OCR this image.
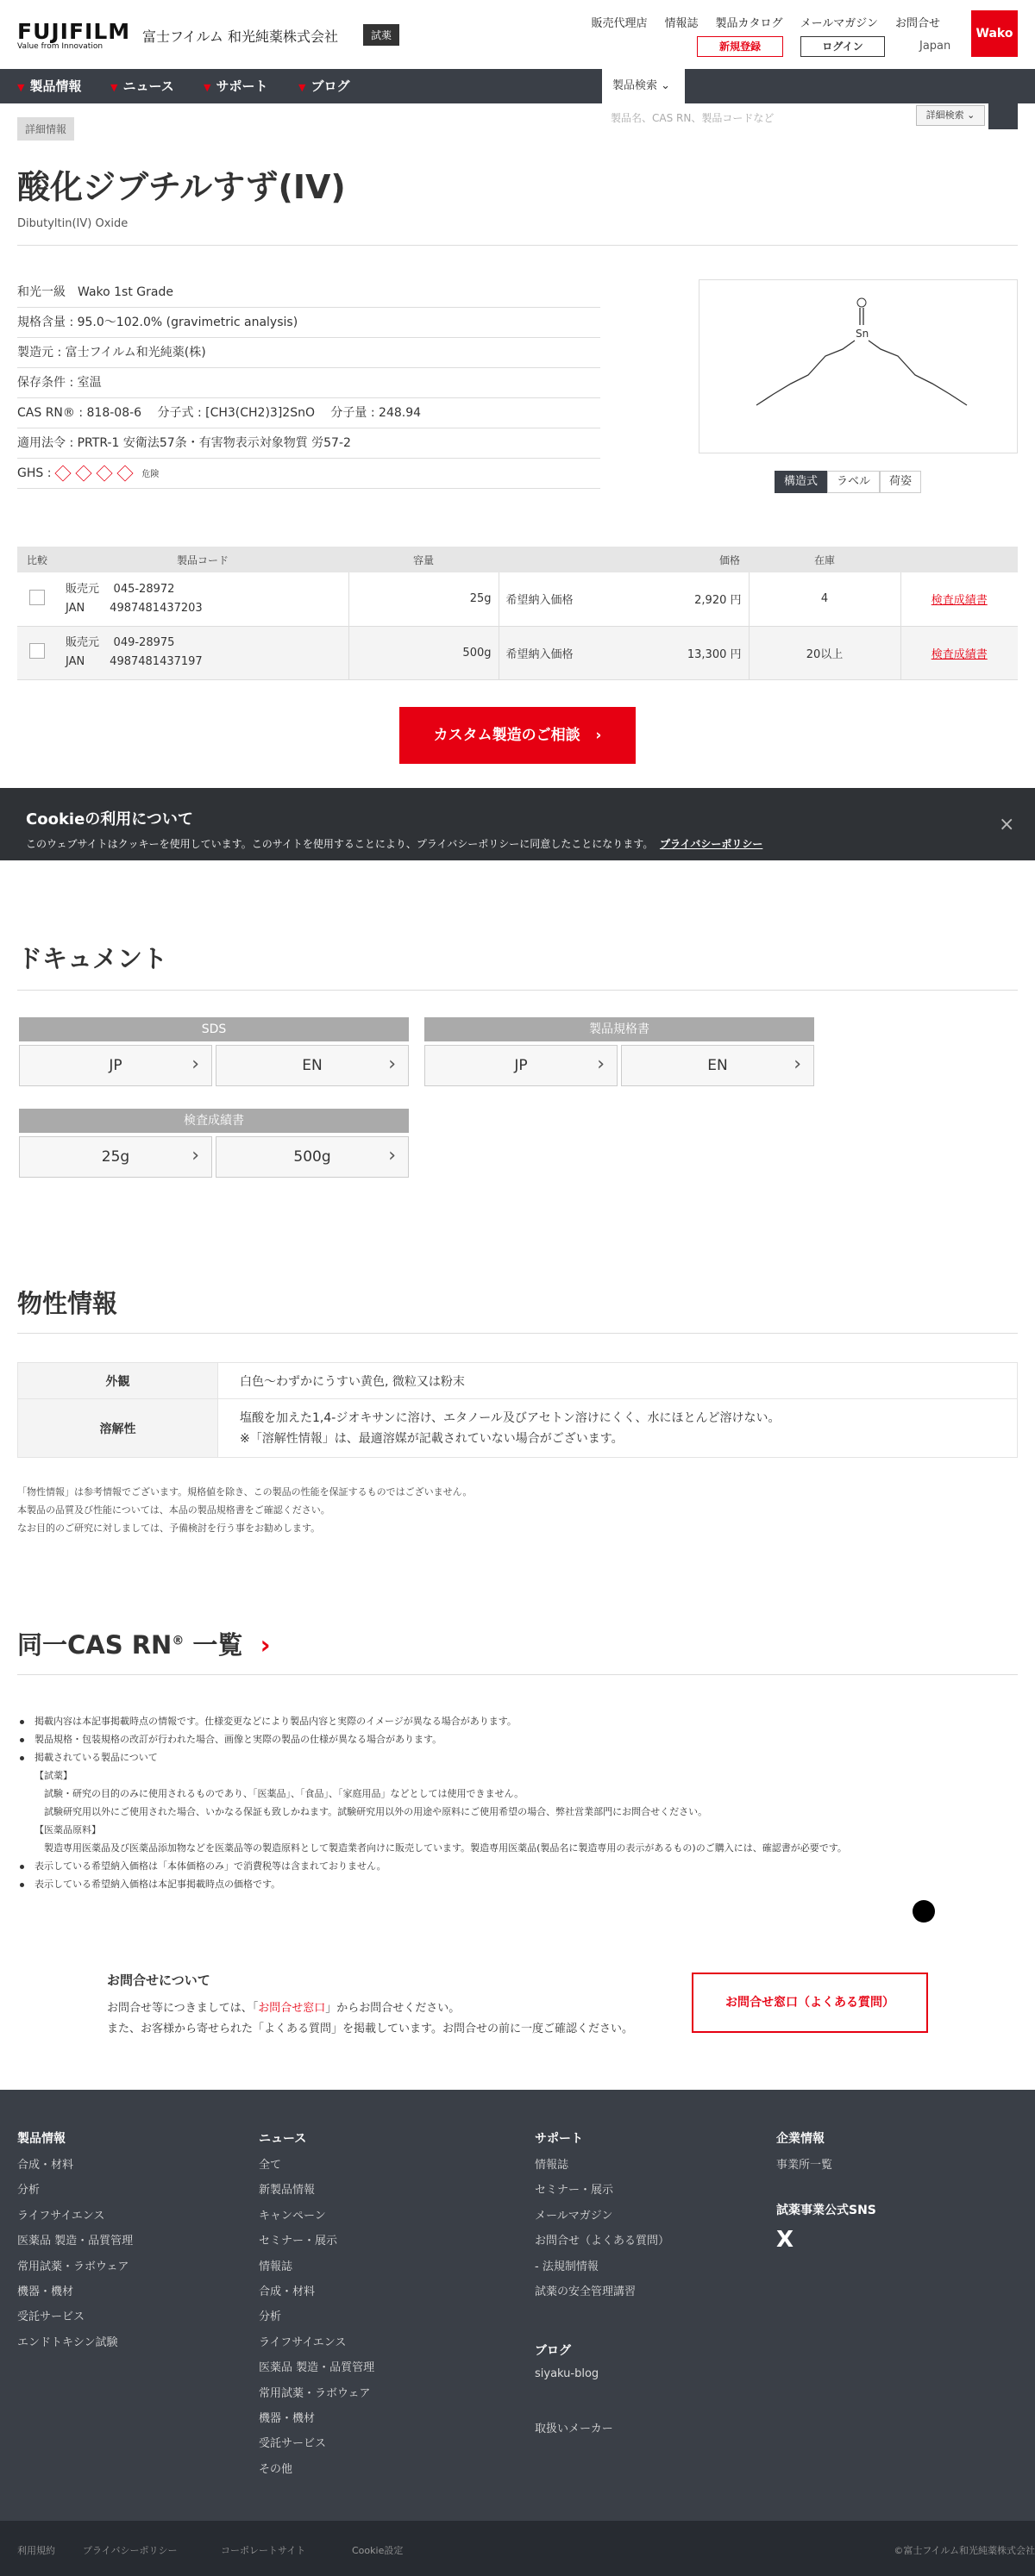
FUJIFILM
Value from Innovation
富士フイルム 和光純薬株式会社	試薬
販売代理店 情報誌 製品カタログ メールマガジン お問合せ
新規登録	ログイン	Japan
Wako
▼ 製品情報	▼ ニュース	▼ サポート	▼ ブログ	製品検索 ⌄
製品名、CAS RN、製品コードなど	詳細検索 ⌄
詳細情報
酸化ジブチルすず(IV)
Dibutyltin(IV) Oxide
和光一級　Wako 1st Grade
規格含量 : 95.0〜102.0% (gravimetric analysis)
製造元 : 富士フイルム和光純薬(株)
保存条件 : 室温
CAS RN® : 818-08-6　 分子式 : [CH3(CH2)3]2SnO　 分子量 : 248.94
適用法令 : PRTR-1 安衛法57条・有害物表示対象物質 労57-2
GHS :	危険
Sn
構造式	ラベル	荷姿
比較	製品コード	容量	価格	在庫	
	販売元 045-28972
JAN 4987481437203	25g	希望納入価格 2,920 円	4	検査成績書
	販売元 049-28975
JAN 4987481437197	500g	希望納入価格 13,300 円	20以上	検査成績書
カスタム製造のご相談 ›
Cookieの利用について
このウェブサイトはクッキーを使用しています。このサイトを使用することにより、プライバシーポリシーに同意したことになります。 プライバシーポリシー
×
ドキュメント
SDS
JP ›	EN ›
製品規格書
JP ›	EN ›
検査成績書
25g ›	500g ›
物性情報
外観	白色〜わずかにうすい黄色, 微粒又は粉末
溶解性	塩酸を加えた1,4‐ジオキサンに溶け、エタノール及びアセトン溶けにくく、水にほとんど溶けない。
※「溶解性情報」は、最適溶媒が記載されていない場合がございます。
「物性情報」は参考情報でございます。規格値を除き、この製品の性能を保証するものではございません。
本製品の品質及び性能については、本品の製品規格書をご確認ください。
なお目的のご研究に対しましては、予備検討を行う事をお勧めします。
同一CAS RN® 一覧 ›

掲載内容は本記事掲載時点の情報です。仕様変更などにより製品内容と実際のイメージが異なる場合があります。

製品規格・包装規格の改訂が行われた場合、画像と実際の製品の仕様が異なる場合があります。

掲載されている製品について

【試薬】

　試験・研究の目的のみに使用されるものであり、「医薬品」、「食品」、「家庭用品」などとしては使用できません。

　試験研究用以外にご使用された場合、いかなる保証も致しかねます。試験研究用以外の用途や原料にご使用希望の場合、弊社営業部門にお問合せください。

【医薬品原料】

　製造専用医薬品及び医薬品添加物などを医薬品等の製造原料として製造業者向けに販売しています。製造専用医薬品(製品名に製造専用の表示があるもの)のご購入には、確認書が必要です。

表示している希望納入価格は「本体価格のみ」で消費税等は含まれておりません。

表示している希望納入価格は本記事掲載時点の価格です。

お問合せについて
お問合せ等につきましては、「お問合せ窓口」からお問合せください。
また、お客様から寄せられた「よくある質問」を掲載しています。お問合せの前に一度ご確認ください。
お問合せ窓口（よくある質問）
製品情報
合成・材料
分析
ライフサイエンス
医薬品 製造・品質管理
常用試薬・ラボウェア
機器・機材
受託サービス
エンドトキシン試験
ニュース
全て
新製品情報
キャンペーン
セミナー・展示
情報誌
合成・材料
分析
ライフサイエンス
医薬品 製造・品質管理
常用試薬・ラボウェア
機器・機材
受託サービス
その他
サポート
情報誌
セミナー・展示
メールマガジン
お問合せ（よくある質問）
- 法規制情報
試薬の安全管理講習
ブログ
siyaku-blog
取扱いメーカー
企業情報
事業所一覧
試薬事業公式SNS
X
利用規約	プライバシーポリシー	コーポレートサイト	Cookie設定	©富士フイルム和光純薬株式会社
